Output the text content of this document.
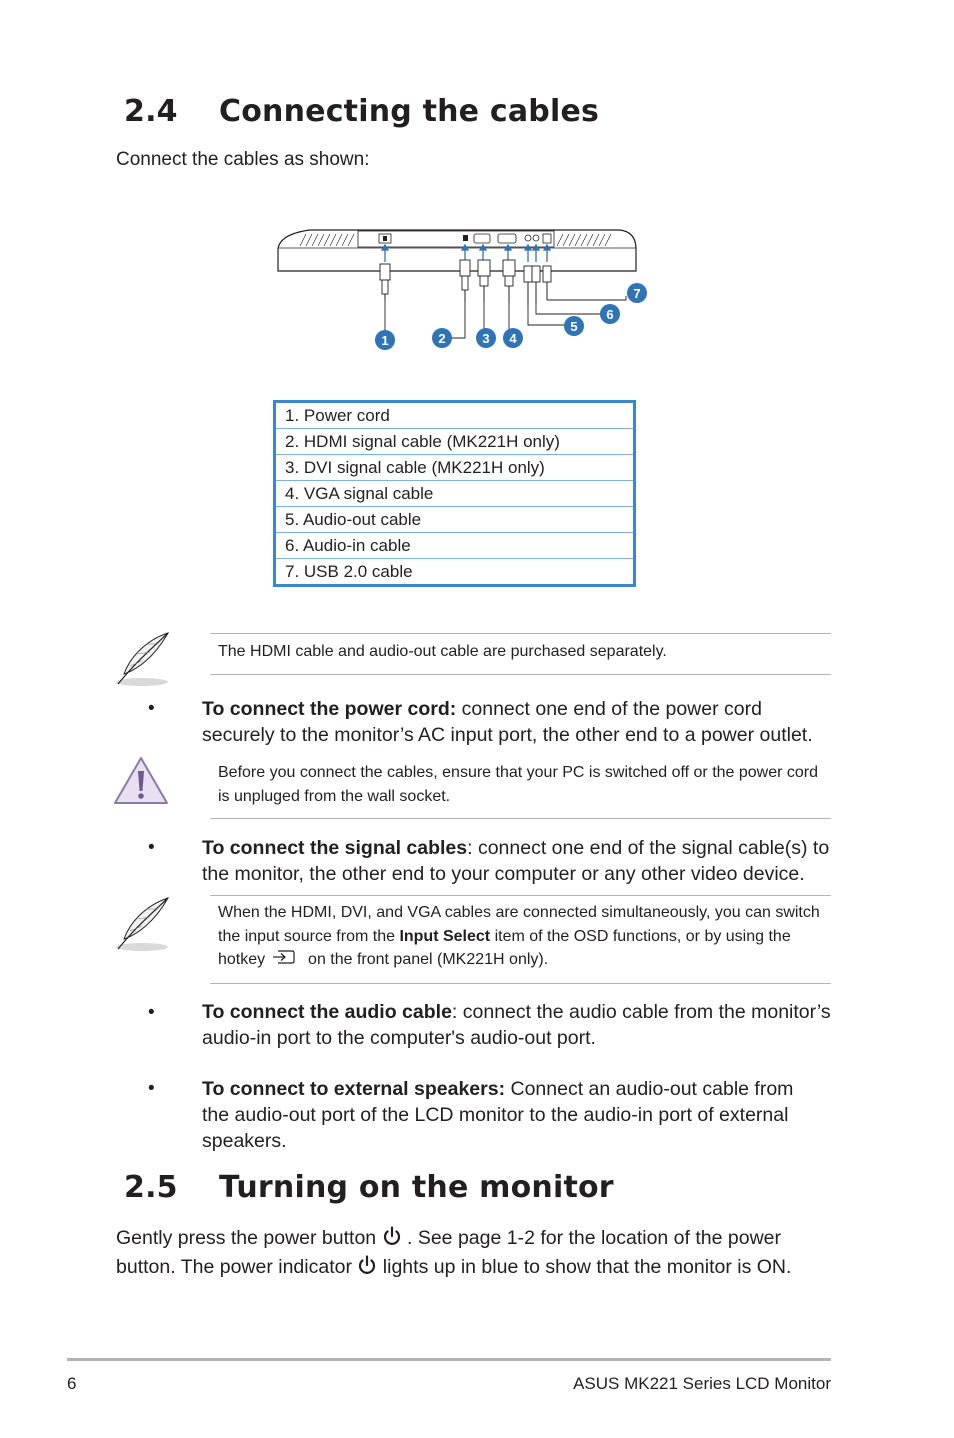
2.4 Connecting the cables
Connect the cables as shown:
1	2	3 4
5
6
7
1. Power cord
2. HDMI signal cable (MK221H only)
3. DVI signal cable (MK221H only)
4. VGA signal cable
5. Audio-out cable
6. Audio-in cable
7. USB 2.0 cable
The HDMI cable and audio-out cable are purchased separately.
• To connect the power cord: connect one end of the power cord securely to the monitor’s AC input port, the other end to a power outlet.
Before you connect the cables, ensure that your PC is switched off or the power cord is unpluged from the wall socket.
• To connect the signal cables: connect one end of the signal cable(s) to the monitor, the other end to your computer or any other video device.
When the HDMI, DVI, and VGA cables are connected simultaneously, you can switch the input source from the Input Select item of the OSD functions, or by using the hotkey  on the front panel (MK221H only).
• To connect the audio cable: connect the audio cable from the monitor’s audio-in port to the computer's audio-out port.
• To connect to external speakers: Connect an audio-out cable from the audio-out port of the LCD monitor to the audio-in port of external speakers.
2.5 Turning on the monitor
Gently press the power button  . See page 1-2 for the location of the power button. The power indicator  lights up in blue to show that the monitor is ON.
6	ASUS MK221 Series LCD Monitor
